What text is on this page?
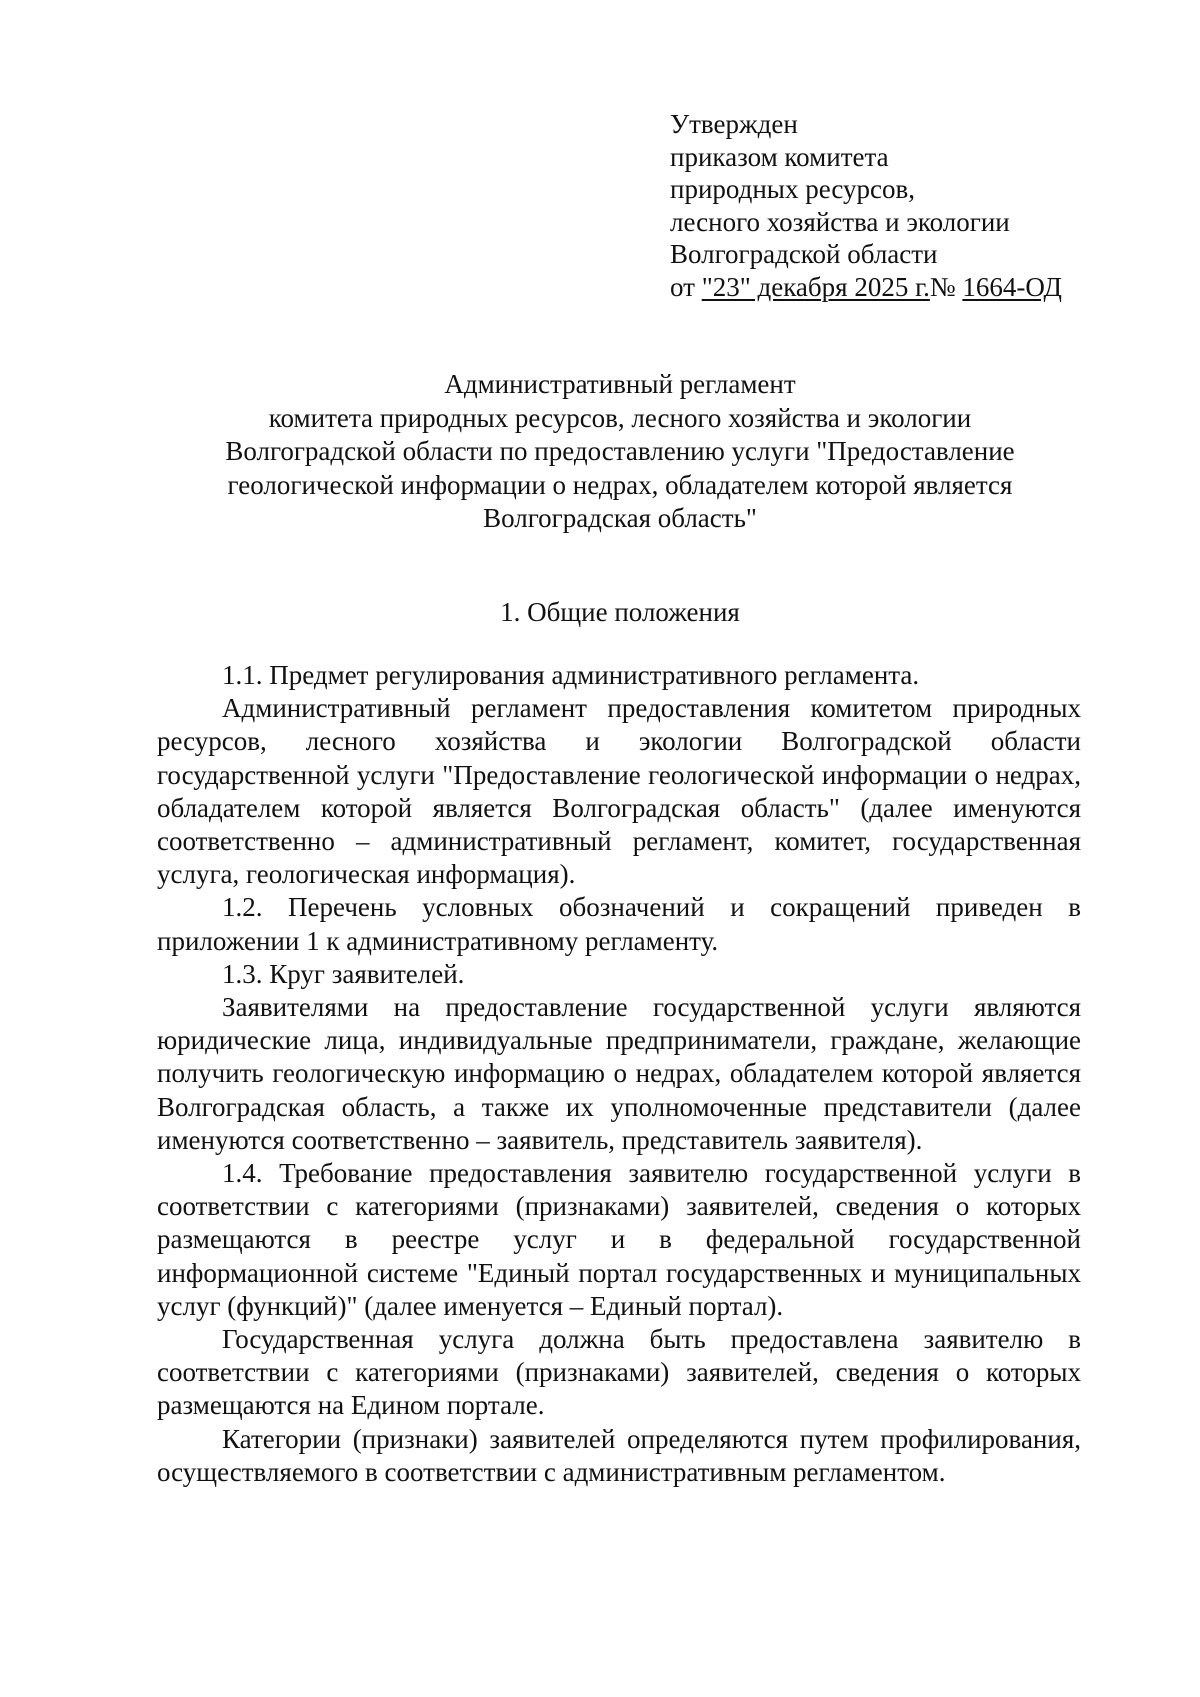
Утвержден
приказом комитета
природных ресурсов,
лесного хозяйства и экологии
Волгоградской области
от "23" декабря 2025 г.№ 1664-ОД
Административный регламент
комитета природных ресурсов, лесного хозяйства и экологии
Волгоградской области по предоставлению услуги "Предоставление
геологической информации о недрах, обладателем которой является
Волгоградская область"
1. Общие положения

1.1. Предмет регулирования административного регламента.

Административный регламент предоставления комитетом природных ресурсов, лесного хозяйства и экологии Волгоградской области государственной услуги "Предоставление геологической информации о недрах, обладателем которой является Волгоградская область" (далее именуются соответственно – административный регламент, комитет, государственная услуга, геологическая информация).

1.2. Перечень условных обозначений и сокращений приведен в приложении 1 к административному регламенту.

1.3. Круг заявителей.

Заявителями на предоставление государственной услуги являются юридические лица, индивидуальные предприниматели, граждане, желающие получить геологическую информацию о недрах, обладателем которой является Волгоградская область, а также их уполномоченные представители (далее именуются соответственно – заявитель, представитель заявителя).

1.4. Требование предоставления заявителю государственной услуги в соответствии с категориями (признаками) заявителей, сведения о которых размещаются в реестре услуг и в федеральной государственной информационной системе "Единый портал государственных и муниципальных услуг (функций)" (далее именуется – Единый портал).

Государственная услуга должна быть предоставлена заявителю в соответствии с категориями (признаками) заявителей, сведения о которых размещаются на Едином портале.

Категории (признаки) заявителей определяются путем профилирования, осуществляемого в соответствии с административным регламентом.
